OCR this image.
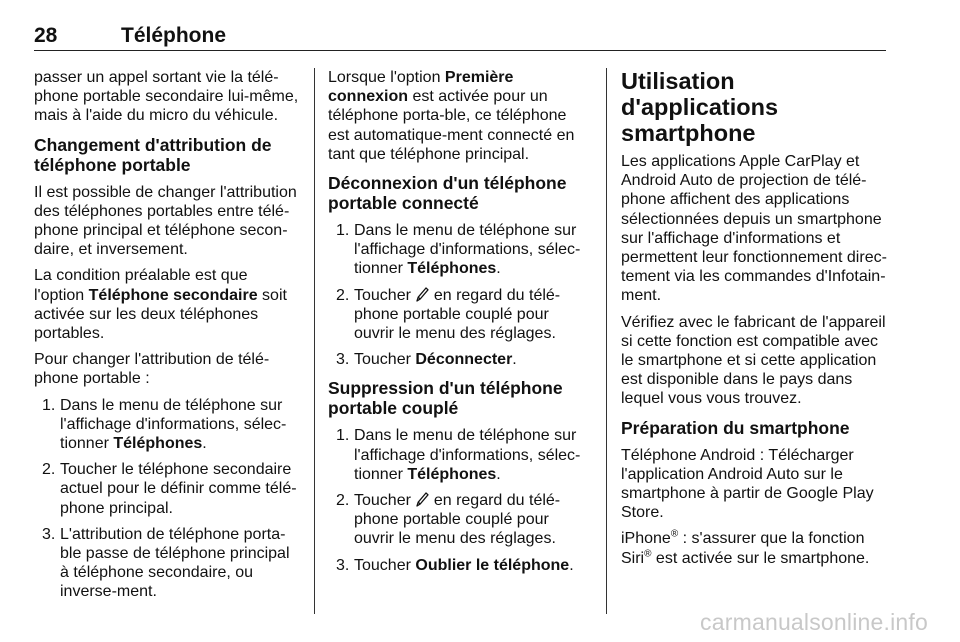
28	Téléphone

passer un appel sortant vie la télé-phone portable secondaire lui-même, mais à l'aide du micro du véhicule.

Changement d'attribution de téléphone portable

Il est possible de changer l'attribution des téléphones portables entre télé-phone principal et téléphone secon-daire, et inversement.

La condition préalable est que l'option Téléphone secondaire soit activée sur les deux téléphones portables.

Pour changer l'attribution de télé-phone portable :

1. Dans le menu de téléphone sur l'affichage d'informations, sélec-tionner Téléphones.
2. Toucher le téléphone secondaire actuel pour le définir comme télé-phone principal.
3. L'attribution de téléphone porta-ble passe de téléphone principal à téléphone secondaire, ou inverse-ment.

Lorsque l'option Première connexion est activée pour un téléphone porta-ble, ce téléphone est automatique-ment connecté en tant que téléphone principal.

Déconnexion d'un téléphone portable connecté
1. Dans le menu de téléphone sur l'affichage d'informations, sélec-tionner Téléphones.
2. Toucher  en regard du télé-phone portable couplé pour ouvrir le menu des réglages.
3. Toucher Déconnecter.
Suppression d'un téléphone portable couplé
1. Dans le menu de téléphone sur l'affichage d'informations, sélec-tionner Téléphones.
2. Toucher  en regard du télé-phone portable couplé pour ouvrir le menu des réglages.
3. Toucher Oublier le téléphone.
Utilisation d'applications smartphone

Les applications Apple CarPlay et Android Auto de projection de télé-phone affichent des applications sélectionnées depuis un smartphone sur l'affichage d'informations et permettent leur fonctionnement direc-tement via les commandes d'Infotain-ment.

Vérifiez avec le fabricant de l'appareil si cette fonction est compatible avec le smartphone et si cette application est disponible dans le pays dans lequel vous vous trouvez.

Préparation du smartphone

Téléphone Android : Télécharger l'application Android Auto sur le smartphone à partir de Google Play Store.

iPhone® : s'assurer que la fonction Siri® est activée sur le smartphone.

carmanualsonline.info
